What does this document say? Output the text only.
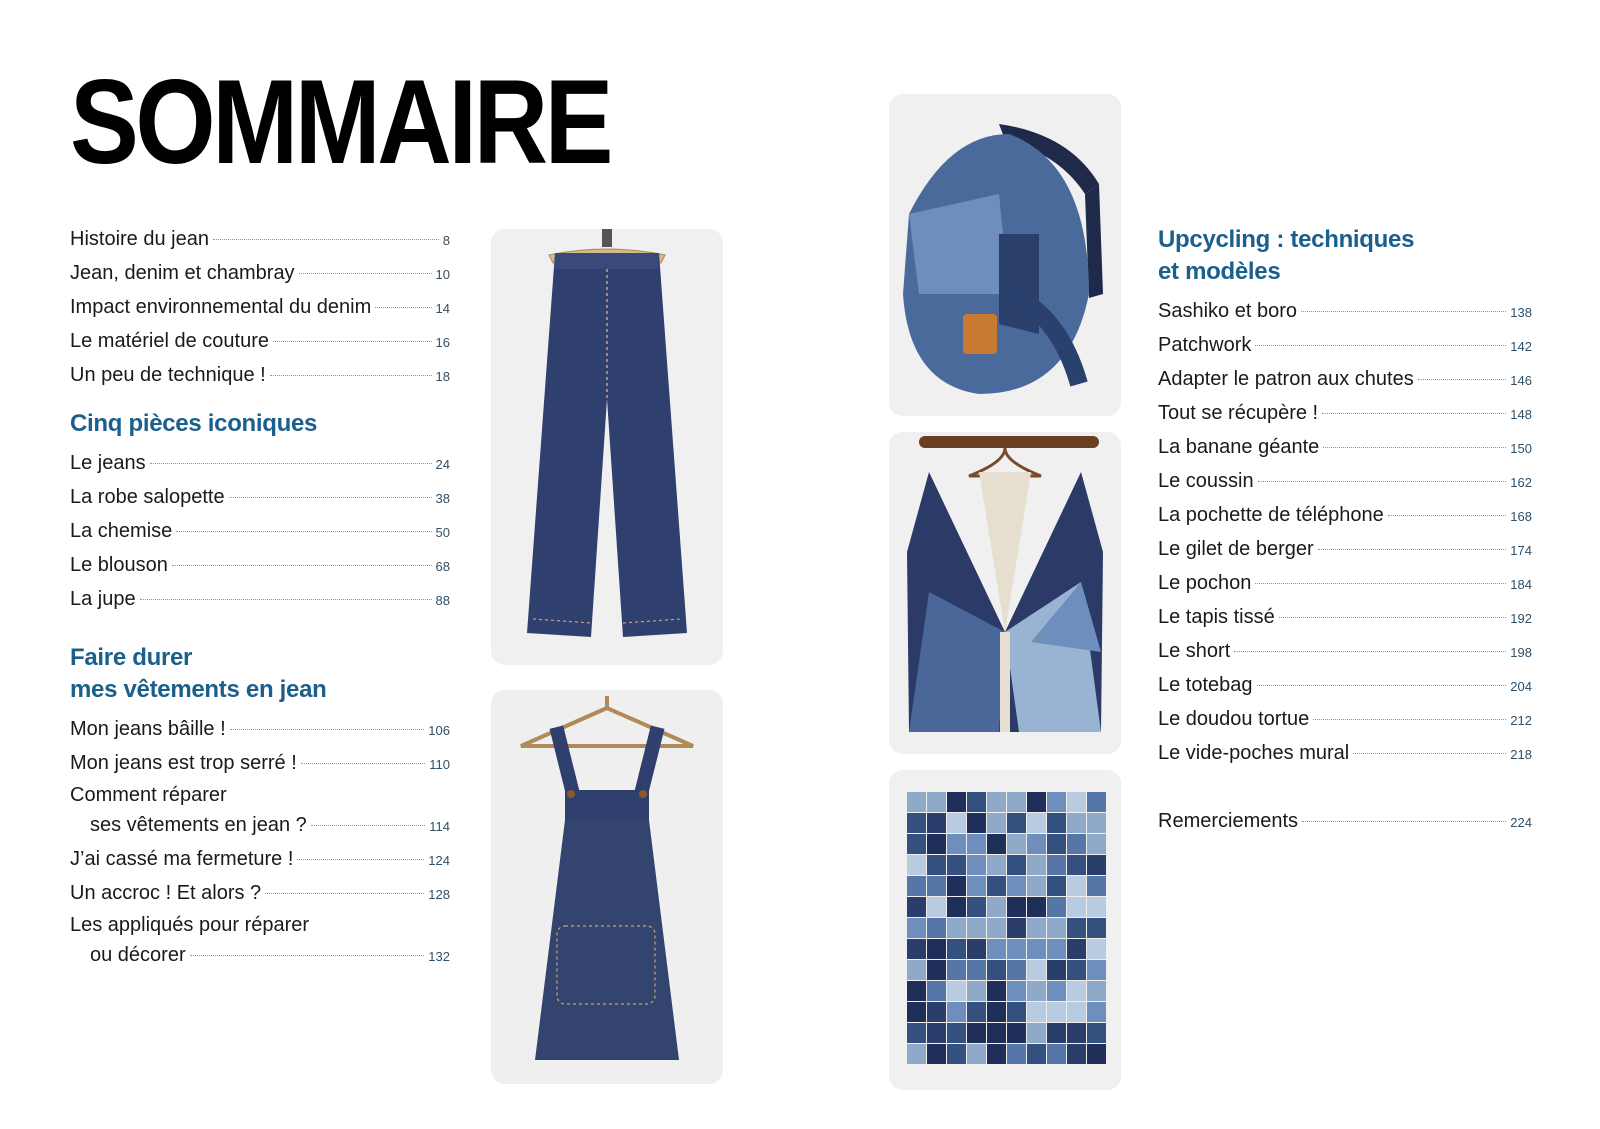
SOMMAIRE
Histoire du jean	8
Jean, denim et chambray	10
Impact environnemental du denim	14
Le matériel de couture	16
Un peu de technique !	18
Cinq pièces iconiques
Le jeans	24
La robe salopette	38
La chemise	50
Le blouson	68
La jupe	88
Faire durer
mes vêtements en jean
Mon jeans bâille !	106
Mon jeans est trop serré !	110
Comment réparer
ses vêtements en jean ?	114
J’ai cassé ma fermeture !	124
Un accroc ! Et alors ?	128
Les appliqués pour réparer
ou décorer	132
Upcycling : techniques
et modèles
Sashiko et boro	138
Patchwork	142
Adapter le patron aux chutes	146
Tout se récupère !	148
La banane géante	150
Le coussin	162
La pochette de téléphone	168
Le gilet de berger	174
Le pochon	184
Le tapis tissé	192
Le short	198
Le totebag	204
Le doudou tortue	212
Le vide-poches mural	218
Remerciements	224
